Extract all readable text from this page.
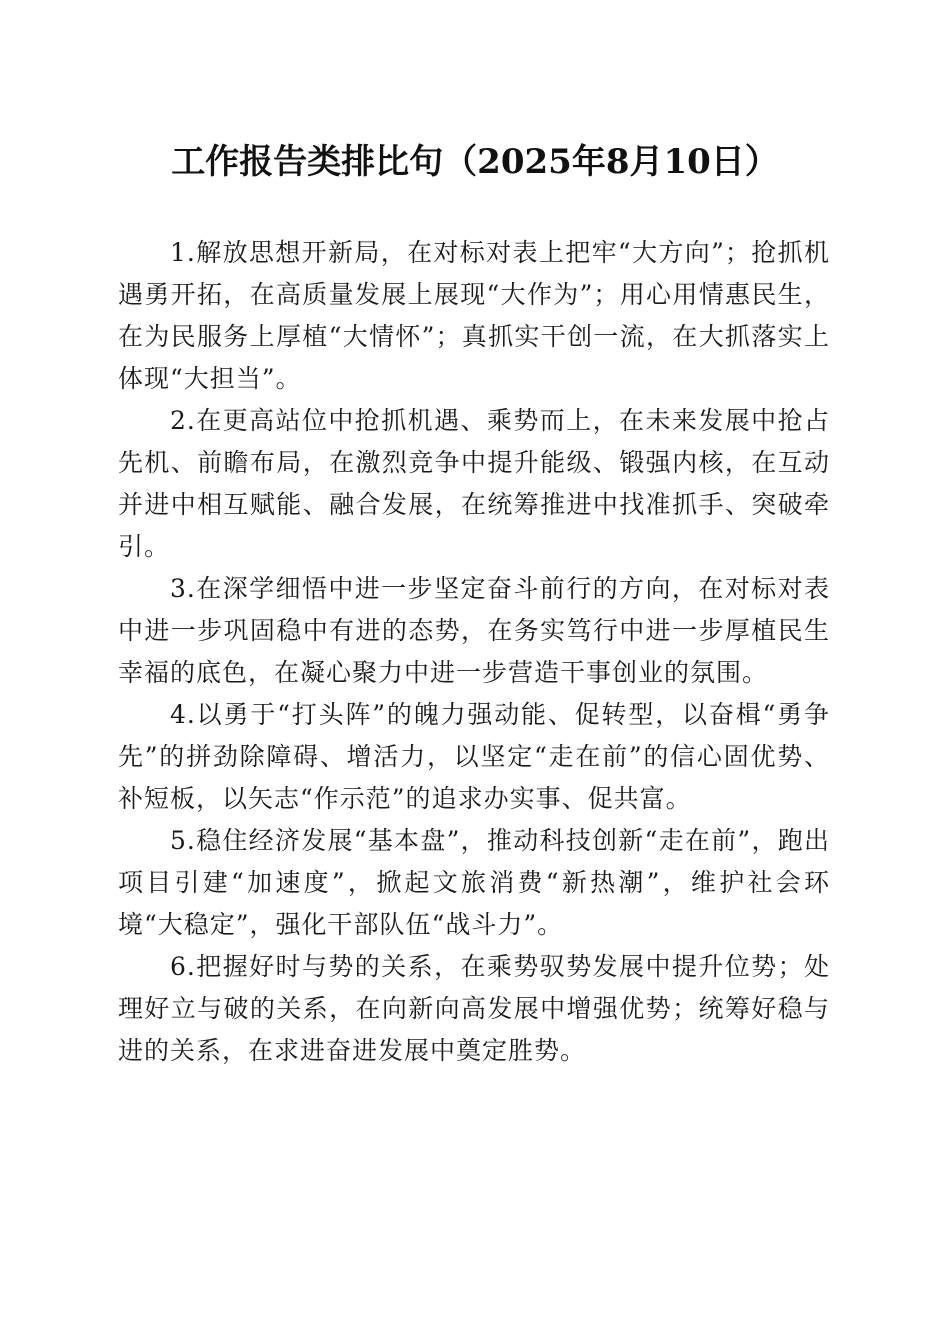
工作报告类排比句（2025年8月10日）

1.解放思想开新局，在对标对表上把牢“大方向”；抢抓机遇勇开拓，在高质量发展上展现“大作为”；用心用情惠民生，在为民服务上厚植“大情怀”；真抓实干创一流，在大抓落实上体现“大担当”。

2.在更高站位中抢抓机遇、乘势而上，在未来发展中抢占先机、前瞻布局，在激烈竞争中提升能级、锻强内核，在互动并进中相互赋能、融合发展，在统筹推进中找准抓手、突破牵引。

3.在深学细悟中进一步坚定奋斗前行的方向，在对标对表中进一步巩固稳中有进的态势，在务实笃行中进一步厚植民生幸福的底色，在凝心聚力中进一步营造干事创业的氛围。

4.以勇于“打头阵”的魄力强动能、促转型，以奋楫“勇争先”的拼劲除障碍、增活力，以坚定“走在前”的信心固优势、补短板，以矢志“作示范”的追求办实事、促共富。

5.稳住经济发展“基本盘”，推动科技创新“走在前”，跑出项目引建“加速度”，掀起文旅消费“新热潮”，维护社会环境“大稳定”，强化干部队伍“战斗力”。

6.把握好时与势的关系，在乘势驭势发展中提升位势；处理好立与破的关系，在向新向高发展中增强优势；统筹好稳与进的关系，在求进奋进发展中奠定胜势。
